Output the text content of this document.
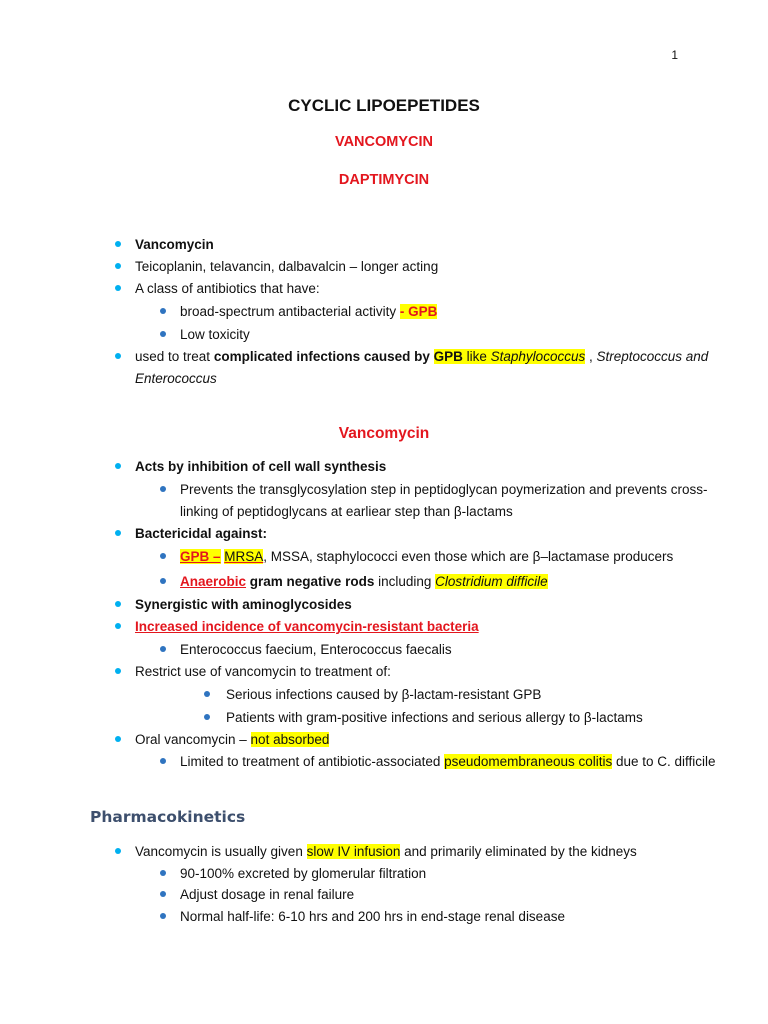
1
CYCLIC LIPOEPETIDES
VANCOMYCIN
DAPTIMYCIN
Vancomycin
Teicoplanin, telavancin, dalbavalcin – longer acting
A class of antibiotics that have:
broad-spectrum antibacterial activity - GPB
Low toxicity
used to treat complicated infections caused by GPB like Staphylococcus , Streptococcus and
Enterococcus
Vancomycin
Acts by inhibition of cell wall synthesis
Prevents the transglycosylation step in peptidoglycan poymerization and prevents cross-
linking of peptidoglycans at earliear step than β-lactams
Bactericidal against:
GPB – MRSA, MSSA, staphylococci even those which are β–lactamase producers
Anaerobic gram negative rods including Clostridium difficile
Synergistic with aminoglycosides
Increased incidence of vancomycin-resistant bacteria
Enterococcus faecium, Enterococcus faecalis
Restrict use of vancomycin to treatment of:
Serious infections caused by β-lactam-resistant GPB
Patients with gram-positive infections and serious allergy to β-lactams
Oral vancomycin – not absorbed
Limited to treatment of antibiotic-associated pseudomembraneous colitis due to C. difficile
Pharmacokinetics
Vancomycin is usually given slow IV infusion and primarily eliminated by the kidneys
90-100% excreted by glomerular filtration
Adjust dosage in renal failure
Normal half-life: 6-10 hrs and 200 hrs in end-stage renal disease
